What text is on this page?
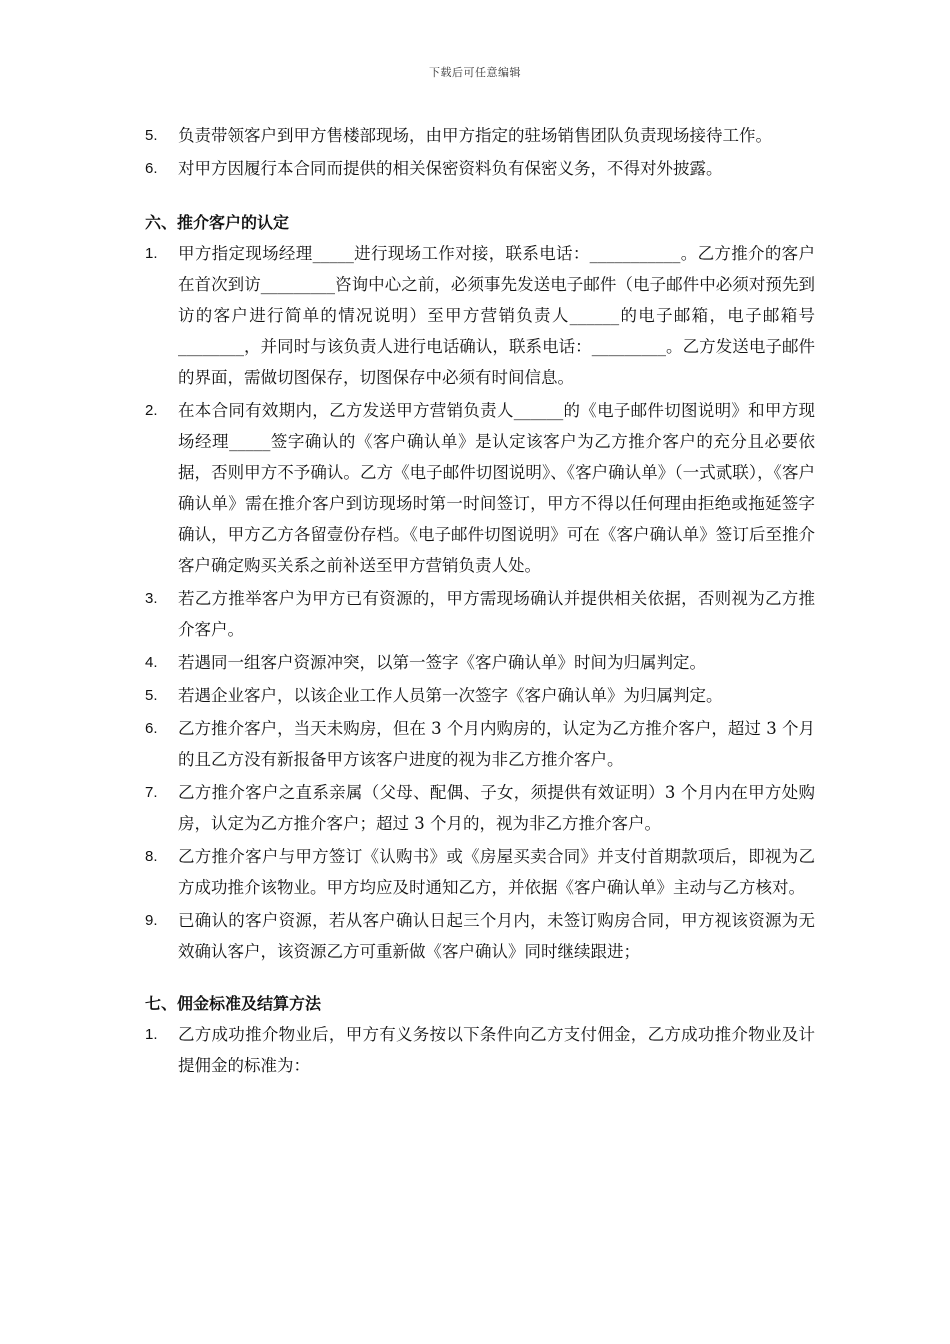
下载后可任意编辑
5.	负责带领客户到甲方售楼部现场，由甲方指定的驻场销售团队负责现场接待工作。
6.	对甲方因履行本合同而提供的相关保密资料负有保密义务，不得对外披露。
六、推介客户的认定
1.	甲方指定现场经理_____进行现场工作对接，联系电话：___________。乙方推介的客户在首次到访_________咨询中心之前，必须事先发送电子邮件（电子邮件中必须对预先到访的客户进行简单的情况说明）至甲方营销负责人______的电子邮箱，电子邮箱号________，并同时与该负责人进行电话确认，联系电话：_________。乙方发送电子邮件的界面，需做切图保存，切图保存中必须有时间信息。
2.	在本合同有效期内，乙方发送甲方营销负责人______的《电子邮件切图说明》和甲方现场经理_____签字确认的《客户确认单》是认定该客户为乙方推介客户的充分且必要依据，否则甲方不予确认。乙方《电子邮件切图说明》、《客户确认单》（一式贰联），《客户确认单》需在推介客户到访现场时第一时间签订，甲方不得以任何理由拒绝或拖延签字确认，甲方乙方各留壹份存档。《电子邮件切图说明》可在《客户确认单》签订后至推介客户确定购买关系之前补送至甲方营销负责人处。
3.	若乙方推举客户为甲方已有资源的，甲方需现场确认并提供相关依据，否则视为乙方推介客户。
4.	若遇同一组客户资源冲突，以第一签字《客户确认单》时间为归属判定。
5.	若遇企业客户，以该企业工作人员第一次签字《客户确认单》为归属判定。
6.	乙方推介客户，当天未购房，但在 3 个月内购房的，认定为乙方推介客户，超过 3 个月的且乙方没有新报备甲方该客户进度的视为非乙方推介客户。
7.	乙方推介客户之直系亲属（父母、配偶、子女，须提供有效证明）3 个月内在甲方处购房，认定为乙方推介客户；超过 3 个月的，视为非乙方推介客户。
8.	乙方推介客户与甲方签订《认购书》或《房屋买卖合同》并支付首期款项后，即视为乙方成功推介该物业。甲方均应及时通知乙方，并依据《客户确认单》主动与乙方核对。
9.	已确认的客户资源，若从客户确认日起三个月内，未签订购房合同，甲方视该资源为无效确认客户，该资源乙方可重新做《客户确认》同时继续跟进；
七、佣金标准及结算方法
1.	乙方成功推介物业后，甲方有义务按以下条件向乙方支付佣金，乙方成功推介物业及计提佣金的标准为：
